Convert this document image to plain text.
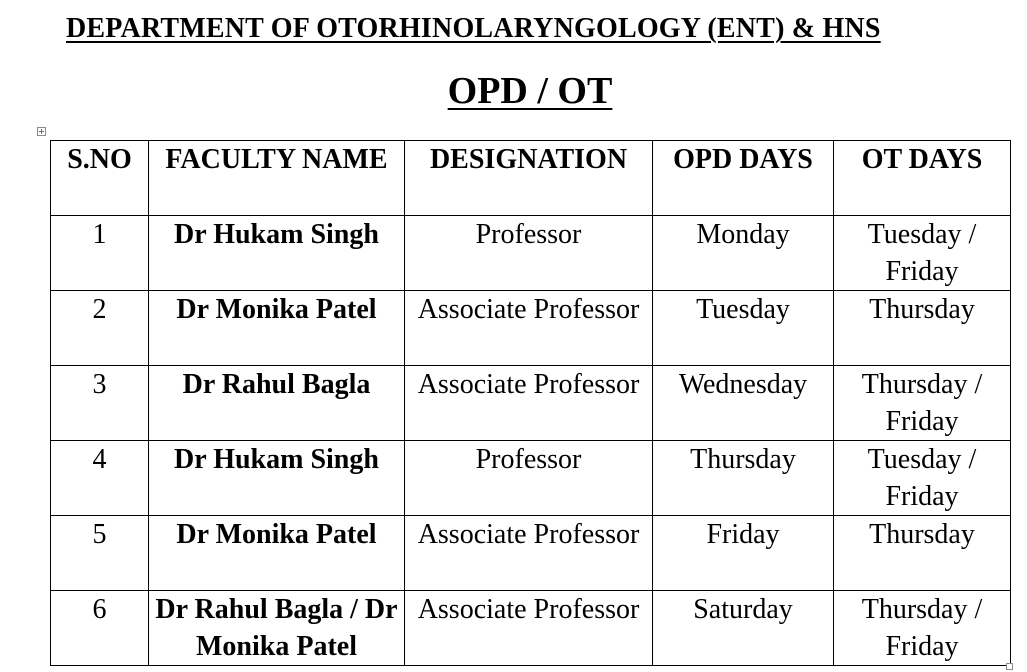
DEPARTMENT OF OTORHINOLARYNGOLOGY (ENT) & HNS
OPD / OT
S.NO	FACULTY NAME	DESIGNATION	OPD DAYS	OT DAYS
1	Dr Hukam Singh	Professor	Monday	Tuesday / Friday
2	Dr Monika Patel	Associate Professor	Tuesday	Thursday
3	Dr Rahul Bagla	Associate Professor	Wednesday	Thursday / Friday
4	Dr Hukam Singh	Professor	Thursday	Tuesday / Friday
5	Dr Monika Patel	Associate Professor	Friday	Thursday
6	Dr Rahul Bagla / Dr Monika Patel	Associate Professor	Saturday	Thursday / Friday
